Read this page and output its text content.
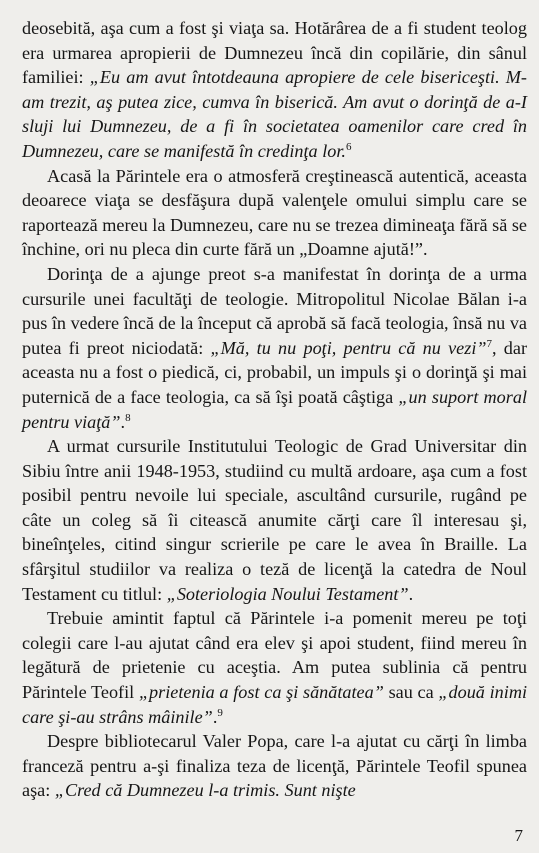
deosebită, aşa cum a fost şi viaţa sa. Hotărârea de a fi student teolog era urmarea apropierii de Dumnezeu încă din copilărie, din sânul familiei: „Eu am avut întotdeauna apropiere de cele bisericeşti. M-am trezit, aş putea zice, cumva în biserică. Am avut o dorinţă de a-I sluji lui Dumnezeu, de a fi în societatea oamenilor care cred în Dumnezeu, care se manifestă în credinţa lor.$^6$

Acasă la Părintele era o atmosferă creştinească autentică, aceasta deoarece viaţa se desfăşura după valenţele omului simplu care se raportează mereu la Dumnezeu, care nu se trezea dimineaţa fără să se închine, ori nu pleca din curte fără un „Doamne ajută!”.

Dorinţa de a ajunge preot s-a manifestat în dorinţa de a urma cursurile unei facultăţi de teologie. Mitropolitul Nicolae Bălan i-a pus în vedere încă de la început că aprobă să facă teologia, însă nu va putea fi preot niciodată: „Mă, tu nu poţi, pentru că nu vezi”$^7$, dar aceasta nu a fost o piedică, ci, probabil, un impuls şi o dorinţă şi mai puternică de a face teologia, ca să îşi poată câştiga „un suport moral pentru viaţă”.$^8$

A urmat cursurile Institutului Teologic de Grad Universitar din Sibiu între anii 1948-1953, studiind cu multă ardoare, aşa cum a fost posibil pentru nevoile lui speciale, ascultând cursurile, rugând pe câte un coleg să îi citească anumite cărţi care îl interesau şi, bineînţeles, citind singur scrierile pe care le avea în Braille. La sfârşitul studiilor va realiza o teză de licenţă la catedra de Noul Testament cu titlul: „Soteriologia Noului Testament”.

Trebuie amintit faptul că Părintele i-a pomenit mereu pe toţi colegii care l-au ajutat când era elev şi apoi student, fiind mereu în legătură de prietenie cu aceştia. Am putea sublinia că pentru Părintele Teofil „prietenia a fost ca şi sănătatea” sau ca „două inimi care şi-au strâns mâinile”.$^9$

Despre bibliotecarul Valer Popa, care l-a ajutat cu cărţi în limba franceză pentru a-şi finaliza teza de licenţă, Părintele Teofil spunea aşa: „Cred că Dumnezeu l-a trimis. Sunt nişte

7
